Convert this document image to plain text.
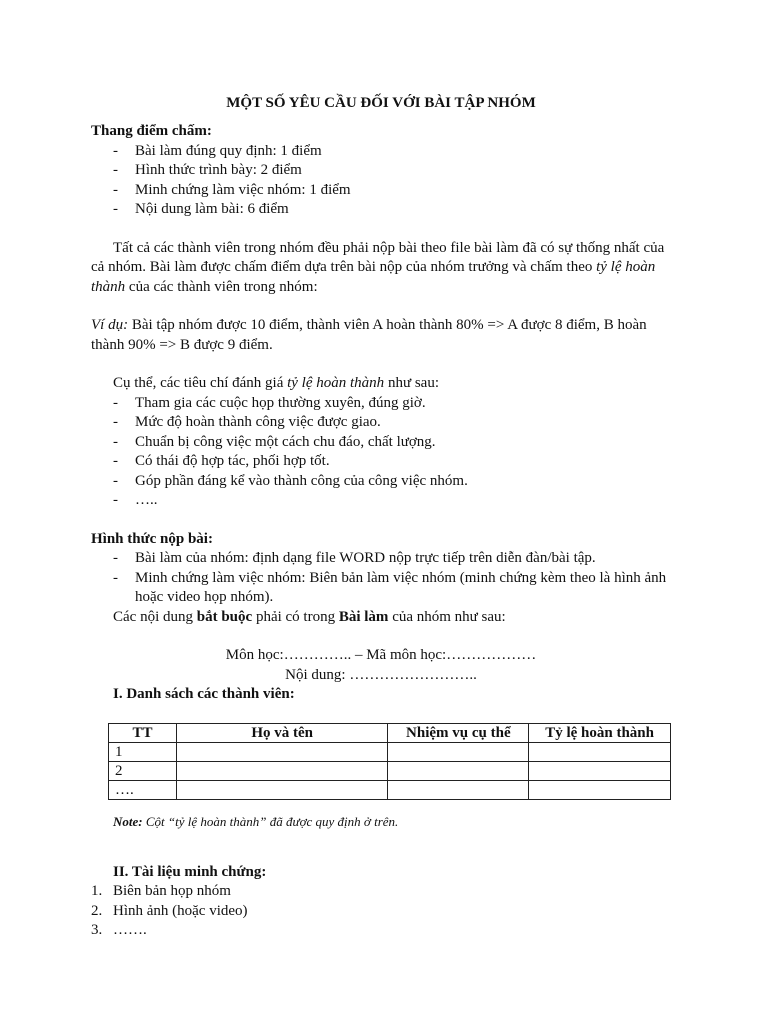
MỘT SỐ YÊU CẦU ĐỐI VỚI BÀI TẬP NHÓM

Thang điểm chấm:

- Bài làm đúng quy định: 1 điểm
- Hình thức trình bày: 2 điểm
- Minh chứng làm việc nhóm: 1 điểm
- Nội dung làm bài: 6 điểm

Tất cả các thành viên trong nhóm đều phải nộp bài theo file bài làm đã có sự thống nhất của cả nhóm. Bài làm được chấm điểm dựa trên bài nộp của nhóm trưởng và chấm theo tỷ lệ hoàn thành của các thành viên trong nhóm:

Ví dụ: Bài tập nhóm được 10 điểm, thành viên A hoàn thành 80% => A được 8 điểm, B hoàn thành 90% => B được 9 điểm.

Cụ thể, các tiêu chí đánh giá tỷ lệ hoàn thành như sau:

- Tham gia các cuộc họp thường xuyên, đúng giờ.
- Mức độ hoàn thành công việc được giao.
- Chuẩn bị công việc một cách chu đáo, chất lượng.
- Có thái độ hợp tác, phối hợp tốt.
- Góp phần đáng kể vào thành công của công việc nhóm.
- …..

Hình thức nộp bài:

- Bài làm của nhóm: định dạng file WORD nộp trực tiếp trên diễn đàn/bài tập.
- Minh chứng làm việc nhóm: Biên bản làm việc nhóm (minh chứng kèm theo là hình ảnh hoặc video họp nhóm).

Các nội dung bắt buộc phải có trong Bài làm của nhóm như sau:

Môn học:………….. – Mã môn học:………………

Nội dung: ……………………..

I. Danh sách các thành viên:

TT	Họ và tên	Nhiệm vụ cụ thể	Tỷ lệ hoàn thành
1			
2			
….			

Note: Cột “tỷ lệ hoàn thành” đã được quy định ở trên.

II. Tài liệu minh chứng:

1. Biên bản họp nhóm
2. Hình ảnh (hoặc video)
3. …….
